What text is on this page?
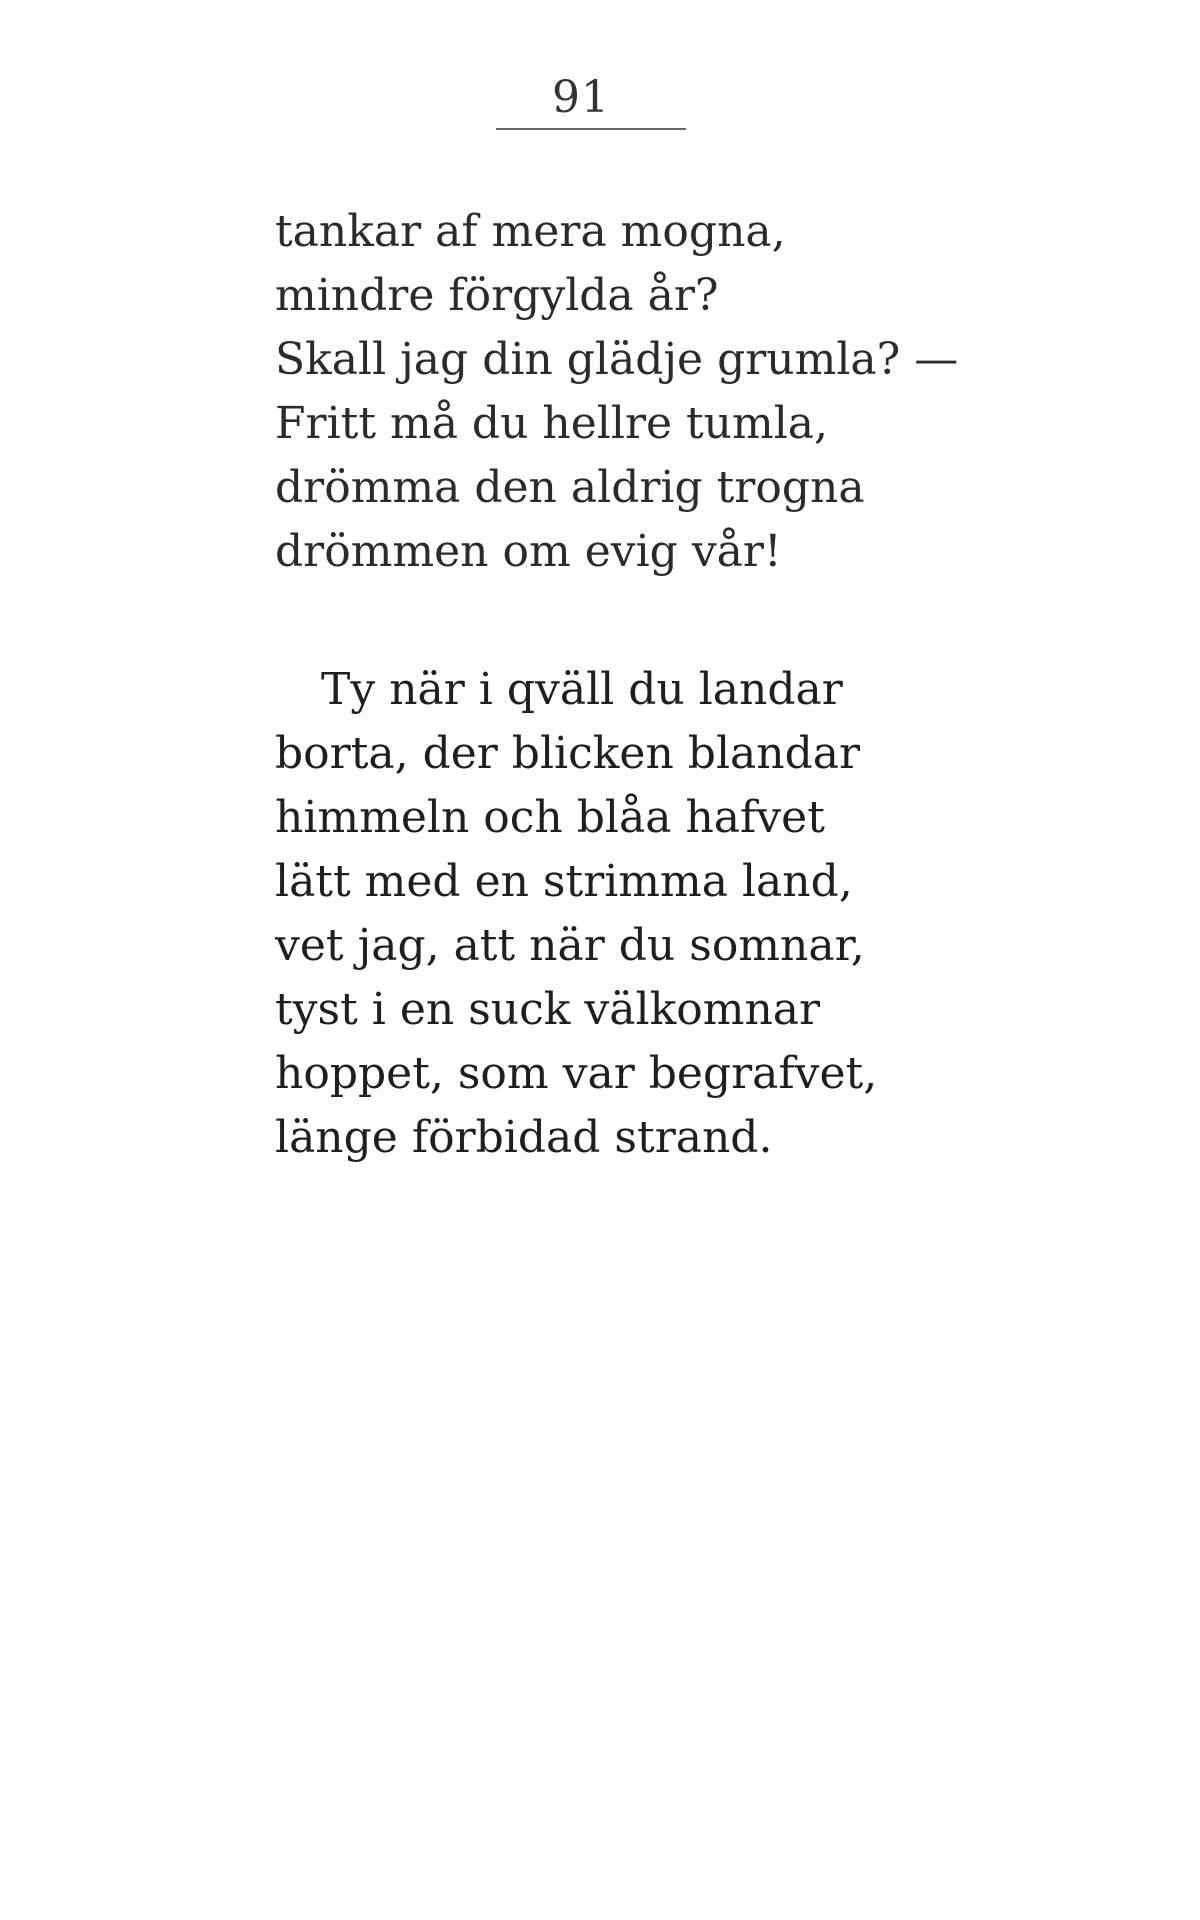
91
tankar af mera mogna,
mindre förgylda år?
Skall jag din glädje grumla? —
Fritt må du hellre tumla,
drömma den aldrig trogna
drömmen om evig vår!
Ty när i qväll du landar
borta, der blicken blandar
himmeln och blåa hafvet
lätt med en strimma land,
vet jag, att när du somnar,
tyst i en suck välkomnar
hoppet, som var begrafvet,
länge förbidad strand.
